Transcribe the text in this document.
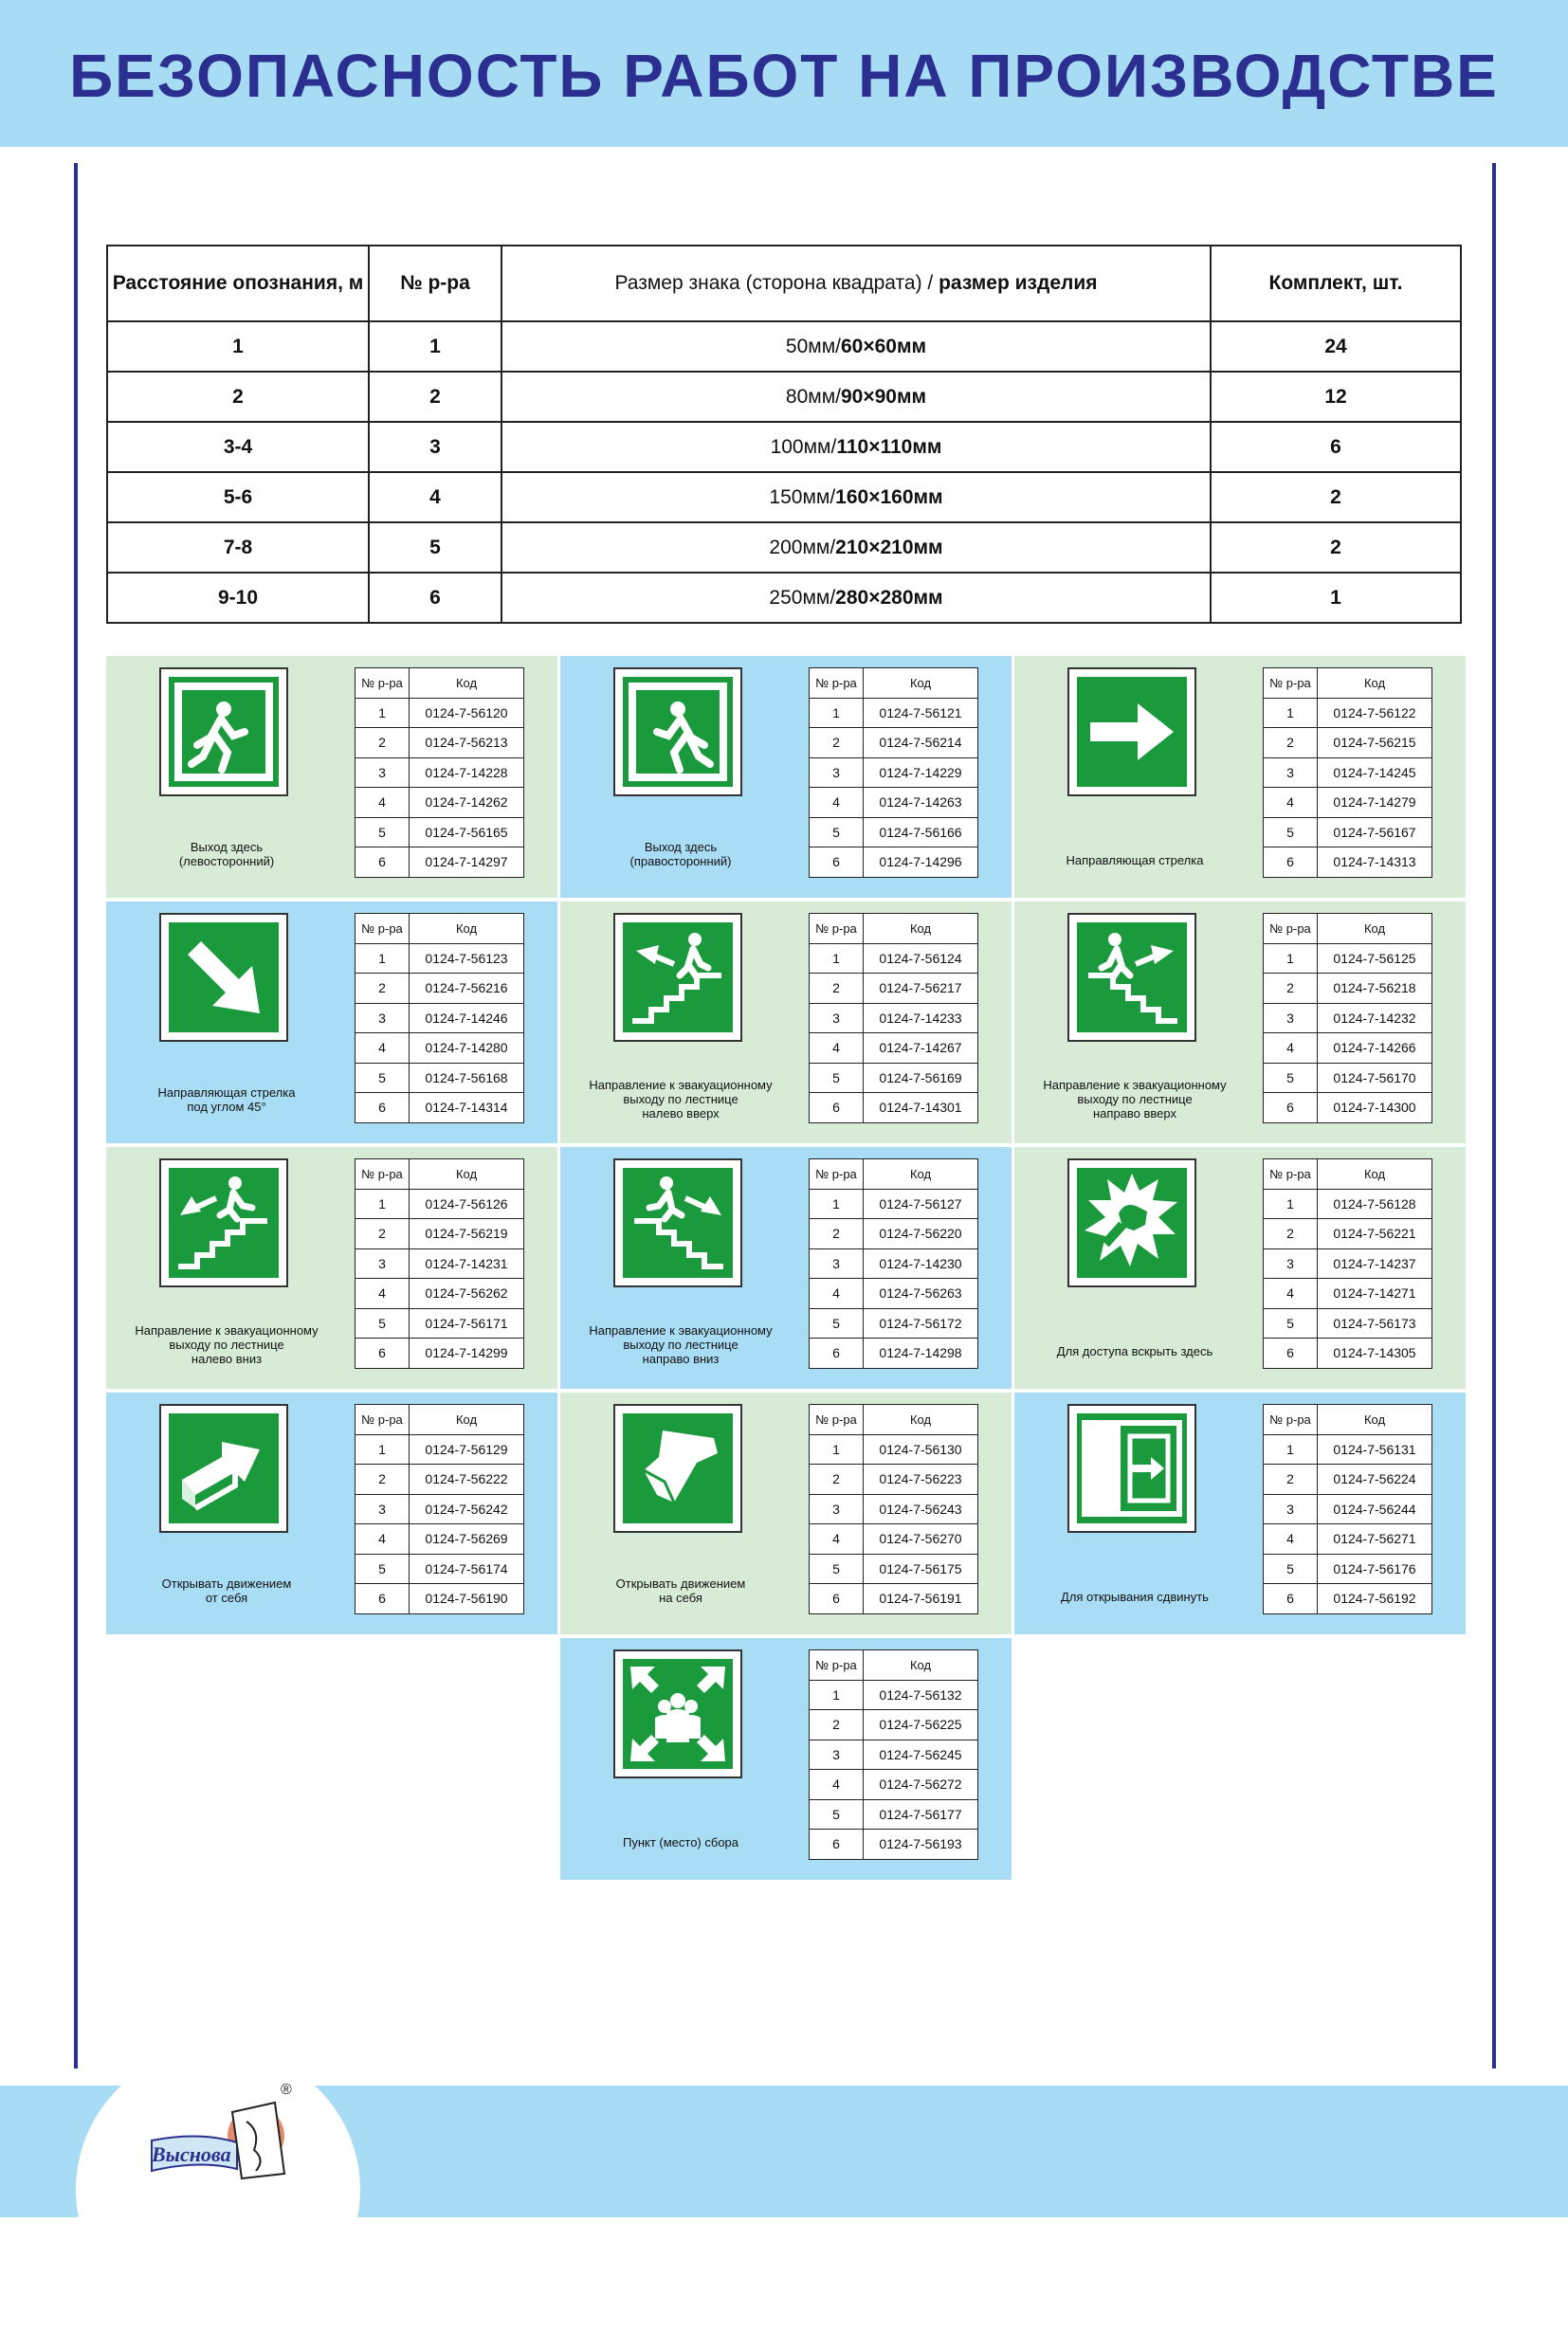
БЕЗОПАСНОСТЬ РАБОТ НА ПРОИЗВОДСТВЕ
Расстояние опознания, м	№ р-ра	Размер знака (сторона квадрата) / размер изделия	Комплект, шт.
1	1	50мм/60×60мм	24
2	2	80мм/90×90мм	12
3-4	3	100мм/110×110мм	6
5-6	4	150мм/160×160мм	2
7-8	5	200мм/210×210мм	2
9-10	6	250мм/280×280мм	1
Выход здесь
(левосторонний)
№ р-ра	Код
1	0124-7-56120
2	0124-7-56213
3	0124-7-14228
4	0124-7-14262
5	0124-7-56165
6	0124-7-14297
Выход здесь
(правосторонний)
№ р-ра	Код
1	0124-7-56121
2	0124-7-56214
3	0124-7-14229
4	0124-7-14263
5	0124-7-56166
6	0124-7-14296	Направляющая стрелка
№ р-ра	Код
1	0124-7-56122
2	0124-7-56215
3	0124-7-14245
4	0124-7-14279
5	0124-7-56167
6	0124-7-14313
Направляющая стрелка
под углом 45°
№ р-ра	Код
1	0124-7-56123
2	0124-7-56216
3	0124-7-14246
4	0124-7-14280
5	0124-7-56168
6	0124-7-14314
Направление к эвакуационному
выходу по лестнице
налево вверх
№ р-ра	Код
1	0124-7-56124
2	0124-7-56217
3	0124-7-14233
4	0124-7-14267
5	0124-7-56169
6	0124-7-14301
Направление к эвакуационному
выходу по лестнице
направо вверх
№ р-ра	Код
1	0124-7-56125
2	0124-7-56218
3	0124-7-14232
4	0124-7-14266
5	0124-7-56170
6	0124-7-14300
Направление к эвакуационному
выходу по лестнице
налево вниз
№ р-ра	Код
1	0124-7-56126
2	0124-7-56219
3	0124-7-14231
4	0124-7-56262
5	0124-7-56171
6	0124-7-14299
Направление к эвакуационному
выходу по лестнице
направо вниз
№ р-ра	Код
1	0124-7-56127
2	0124-7-56220
3	0124-7-14230
4	0124-7-56263
5	0124-7-56172
6	0124-7-14298	Для доступа вскрыть здесь
№ р-ра	Код
1	0124-7-56128
2	0124-7-56221
3	0124-7-14237
4	0124-7-14271
5	0124-7-56173
6	0124-7-14305
Открывать движением
от себя
№ р-ра	Код
1	0124-7-56129
2	0124-7-56222
3	0124-7-56242
4	0124-7-56269
5	0124-7-56174
6	0124-7-56190
Открывать движением
на себя
№ р-ра	Код
1	0124-7-56130
2	0124-7-56223
3	0124-7-56243
4	0124-7-56270
5	0124-7-56175
6	0124-7-56191	Для открывания сдвинуть
№ р-ра	Код
1	0124-7-56131
2	0124-7-56224
3	0124-7-56244
4	0124-7-56271
5	0124-7-56176
6	0124-7-56192
Пункт (место) сбора
№ р-ра	Код
1	0124-7-56132
2	0124-7-56225
3	0124-7-56245
4	0124-7-56272
5	0124-7-56177
6	0124-7-56193
Выснова
®
